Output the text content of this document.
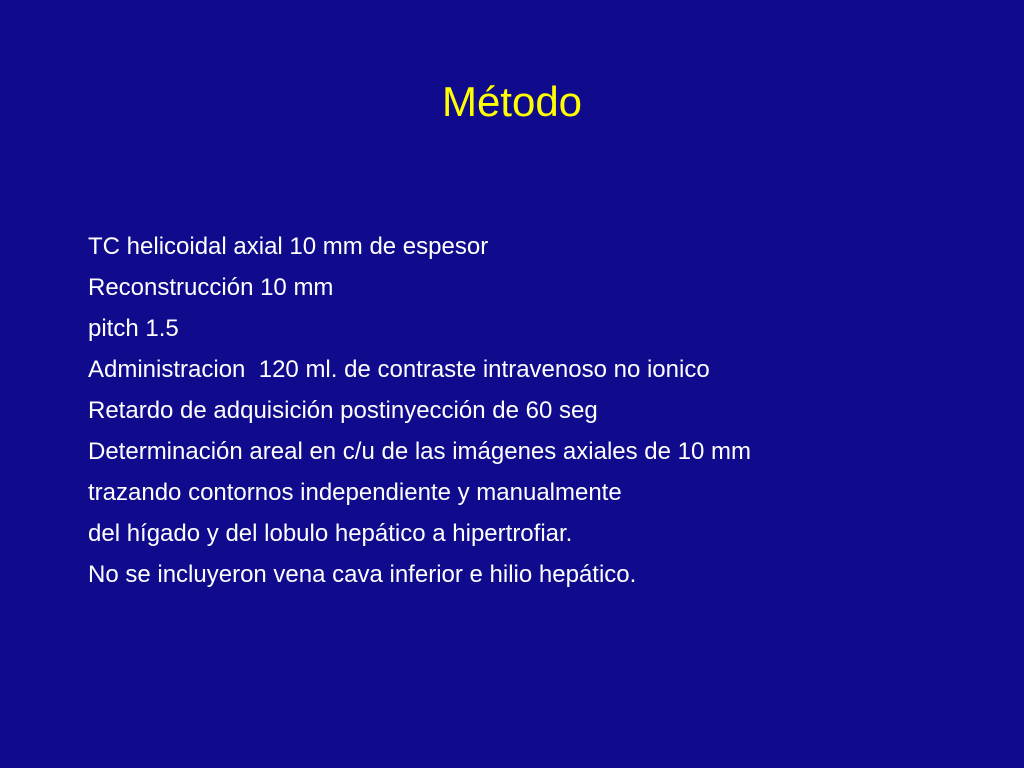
Método
TC helicoidal axial 10 mm de espesor
Reconstrucción 10 mm
pitch 1.5
Administracion  120 ml. de contraste intravenoso no ionico
Retardo de adquisición postinyección de 60 seg
Determinación areal en c/u de las imágenes axiales de 10 mm
trazando contornos independiente y manualmente
del hígado y del lobulo hepático a hipertrofiar.
No se incluyeron vena cava inferior e hilio hepático.
